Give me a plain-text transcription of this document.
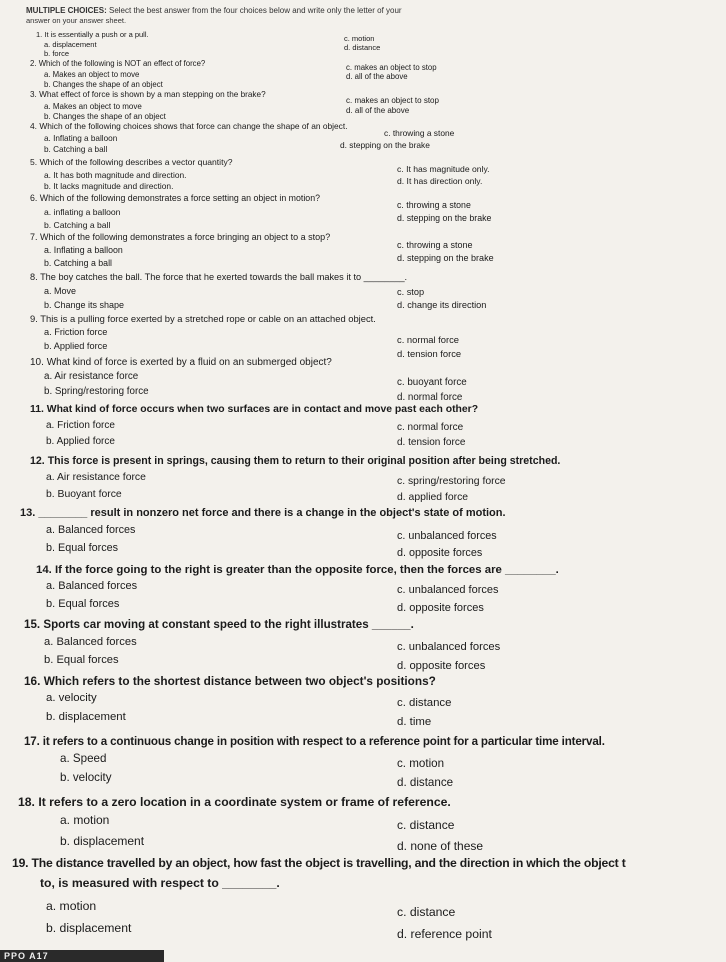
MULTIPLE CHOICES: Select the best answer from the four choices below and write only the letter of your
answer on your answer sheet.
1. It is essentially a push or a pull.
a. displacement
b. force
c. motion
d. distance
2. Which of the following is NOT an effect of force?
a. Makes an object to move
b. Changes the shape of an object
c. makes an object to stop
d. all of the above
3. What effect of force is shown by a man stepping on the brake?
a. Makes an object to move
b. Changes the shape of an object
c. makes an object to stop
d. all of the above
4. Which of the following choices shows that force can change the shape of an object.
a. Inflating a balloon
b. Catching a ball
c. throwing a stone
d. stepping on the brake
5. Which of the following describes a vector quantity?
a. It has both magnitude and direction.
b. It lacks magnitude and direction.
c. It has magnitude only.
d. It has direction only.
6. Which of the following demonstrates a force setting an object in motion?
a. inflating a balloon
b. Catching a ball
c. throwing a stone
d. stepping on the brake
7. Which of the following demonstrates a force bringing an object to a stop?
a. Inflating a balloon
b. Catching a ball
c. throwing a stone
d. stepping on the brake
8. The boy catches the ball. The force that he exerted towards the ball makes it to ________.
a. Move
b. Change its shape
c. stop
d. change its direction
9. This is a pulling force exerted by a stretched rope or cable on an attached object.
a. Friction force
b. Applied force
c. normal force
d. tension force
10. What kind of force is exerted by a fluid on an submerged object?
a. Air resistance force
b. Spring/restoring force
c. buoyant force
d. normal force
11. What kind of force occurs when two surfaces are in contact and move past each other?
a. Friction force
b. Applied force
c. normal force
d. tension force
12. This force is present in springs, causing them to return to their original position after being stretched.
a. Air resistance force
b. Buoyant force
c. spring/restoring force
d. applied force
13. ________ result in nonzero net force and there is a change in the object's state of motion.
a. Balanced forces
b. Equal forces
c. unbalanced forces
d. opposite forces
14. If the force going to the right is greater than the opposite force, then the forces are ________.
a. Balanced forces
b. Equal forces
c. unbalanced forces
d. opposite forces
15. Sports car moving at constant speed to the right illustrates ______.
a. Balanced forces
b. Equal forces
c. unbalanced forces
d. opposite forces
16. Which refers to the shortest distance between two object's positions?
a. velocity
b. displacement
c. distance
d. time
17. it refers to a continuous change in position with respect to a reference point for a particular time interval.
a. Speed
b. velocity
c. motion
d. distance
18. It refers to a zero location in a coordinate system or frame of reference.
a. motion
b. displacement
c. distance
d. none of these
19. The distance travelled by an object, how fast the object is travelling, and the direction in which the object t
to, is measured with respect to ________.
a. motion
b. displacement
c. distance
d. reference point
PPO A17
